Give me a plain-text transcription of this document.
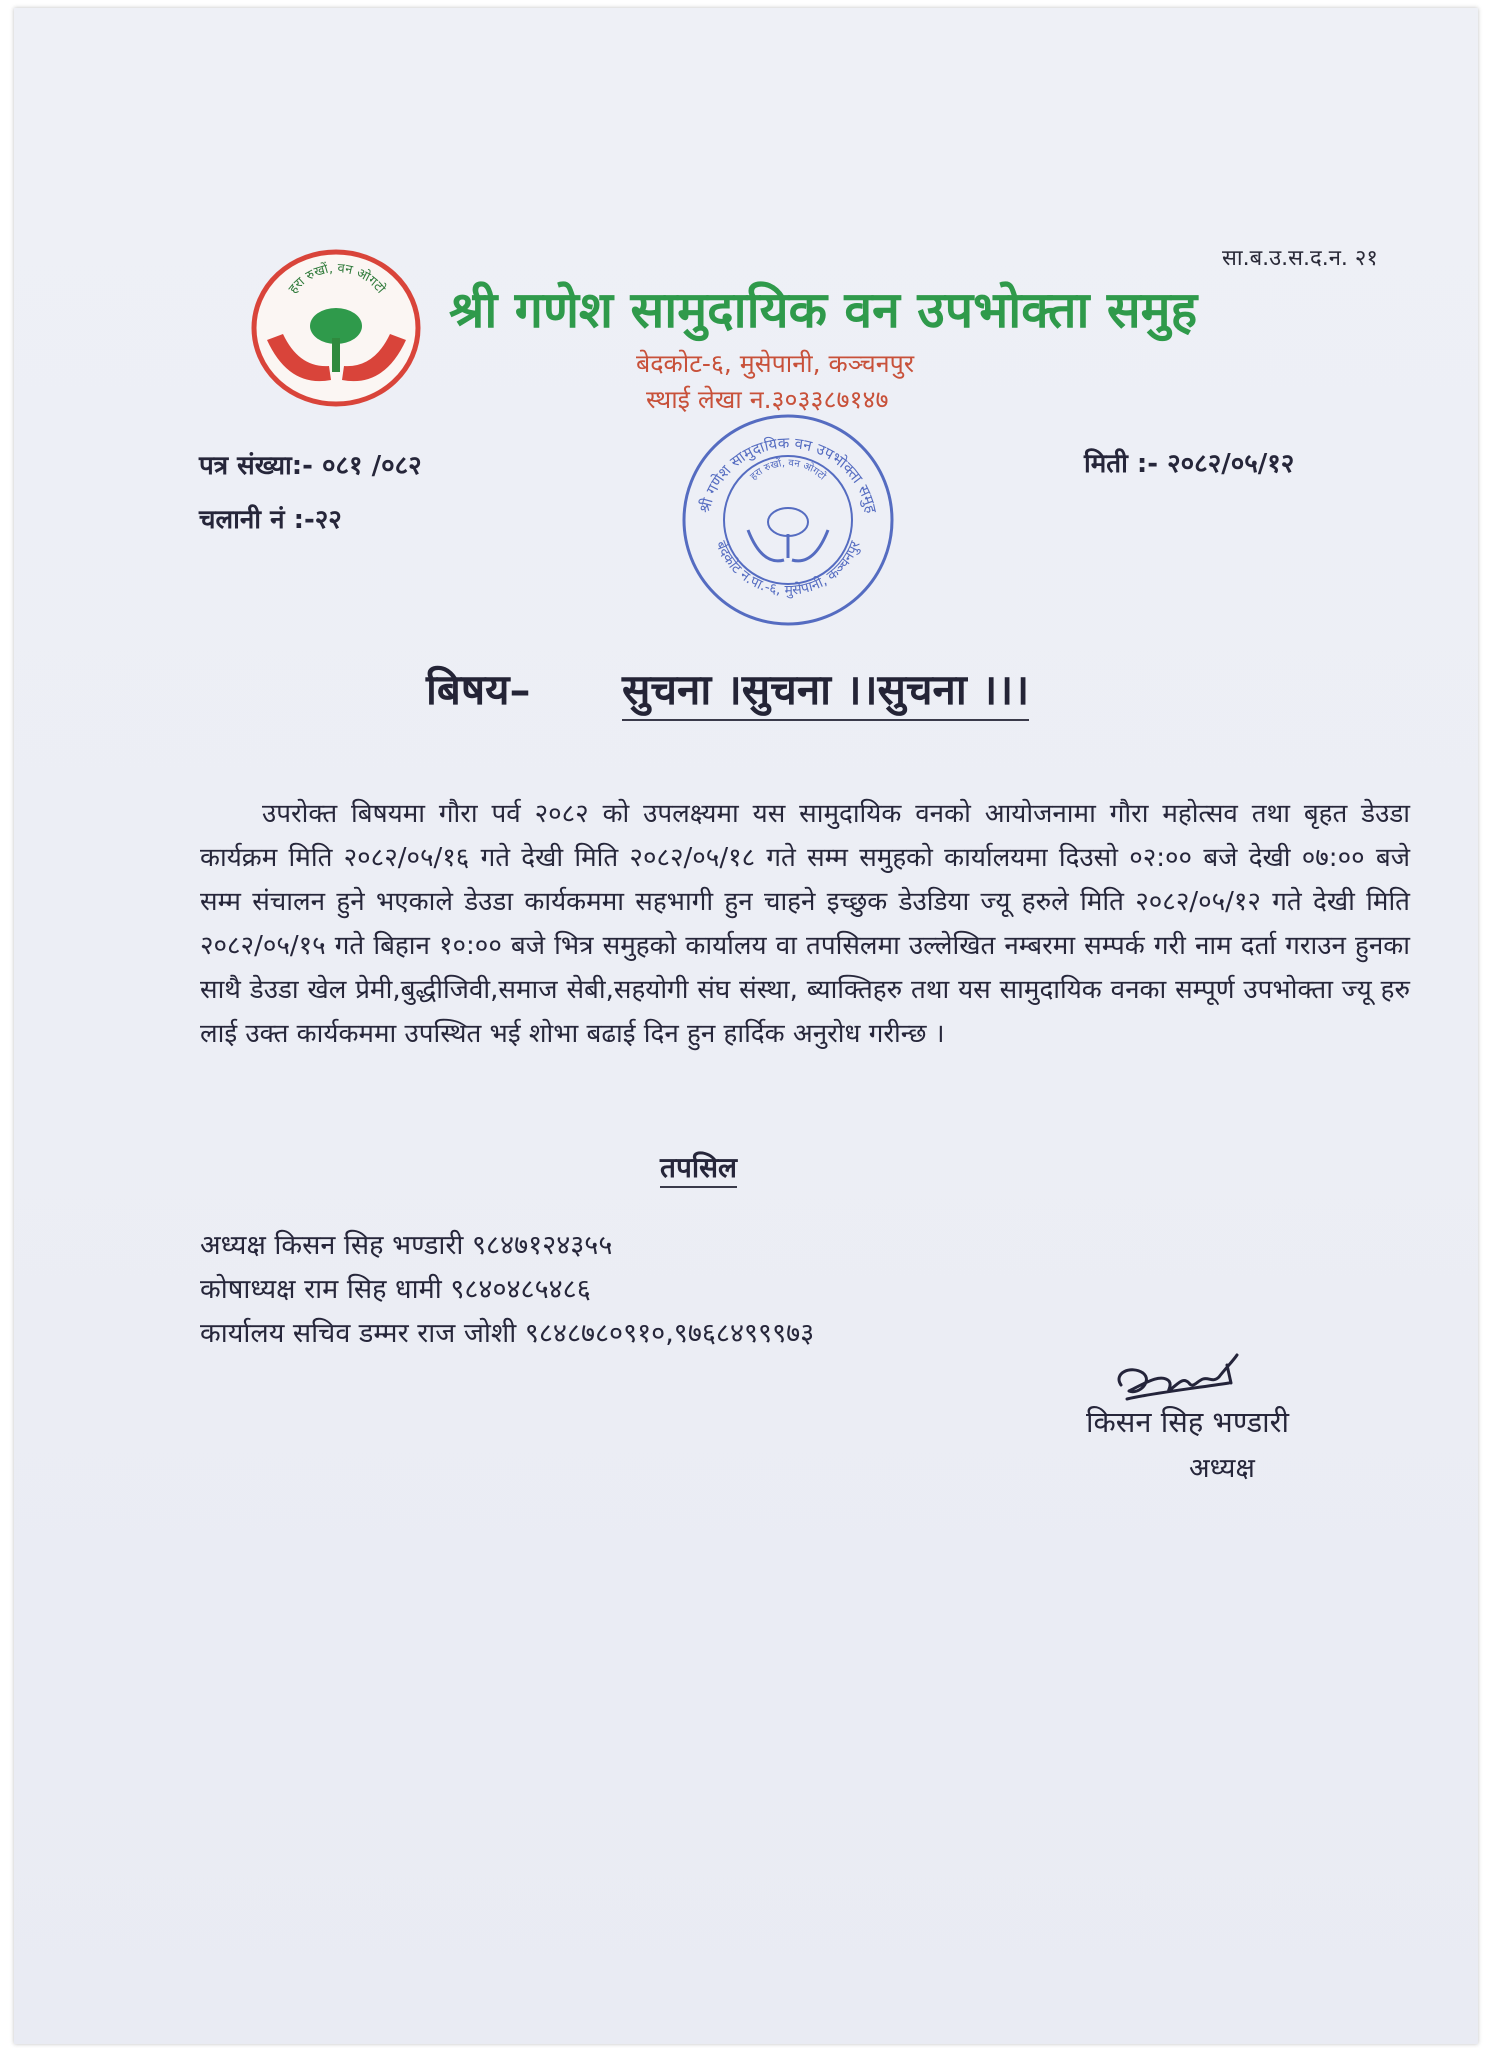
हरा रुखों, वन ओगटो
सा.ब.उ.स.द.न. २१
श्री गणेश सामुदायिक वन उपभोक्ता समुह
बेदकोट-६, मुसेपानी, कञ्चनपुर
स्थाई लेखा न.३०३३८७१४७
पत्र संख्या:- ०८१ /०८२
चलानी नं :-२२
मिती :- २०८२/०५/१२
श्री गणेश सामुदायिक वन उपभोक्ता समुह
बेदकोट न.पा.-६, मुसेपानी, कञ्चनपुर
हरा रुखों, वन ओगटो
बिषय– सुचना ।सुचना ।।सुचना ।।।
उपरोक्त बिषयमा गौरा पर्व २०८२ को उपलक्ष्यमा यस सामुदायिक वनको आयोजनामा गौरा महोत्सव तथा बृहत डेउडा कार्यक्रम मिति २०८२/०५/१६ गते देखी मिति २०८२/०५/१८ गते सम्म समुहको कार्यालयमा दिउसो ०२:०० बजे देखी ०७:०० बजे सम्म संचालन हुने भएकाले डेउडा कार्यकममा सहभागी हुन चाहने इच्छुक डेउडिया ज्यू हरुले मिति २०८२/०५/१२ गते देखी मिति २०८२/०५/१५ गते बिहान १०:०० बजे भित्र समुहको कार्यालय वा तपसिलमा उल्लेखित नम्बरमा सम्पर्क गरी नाम दर्ता गराउन हुनका साथै डेउडा खेल प्रेमी,बुद्धीजिवी,समाज सेबी,सहयोगी संघ संस्था, ब्याक्तिहरु तथा यस सामुदायिक वनका सम्पूर्ण उपभोक्ता ज्यू हरु लाई उक्त कार्यकममा उपस्थित भई शोभा बढाई दिन हुन हार्दिक अनुरोध गरीन्छ ।
तपसिल
अध्यक्ष किसन सिह भण्डारी ९८४७१२४३५५
कोषाध्यक्ष राम सिह धामी ९८४०४८५४८६
कार्यालय सचिव डम्मर राज जोशी ९८४८७८०९१०,९७६८४९९९७३
किसन सिह भण्डारी
अध्यक्ष
